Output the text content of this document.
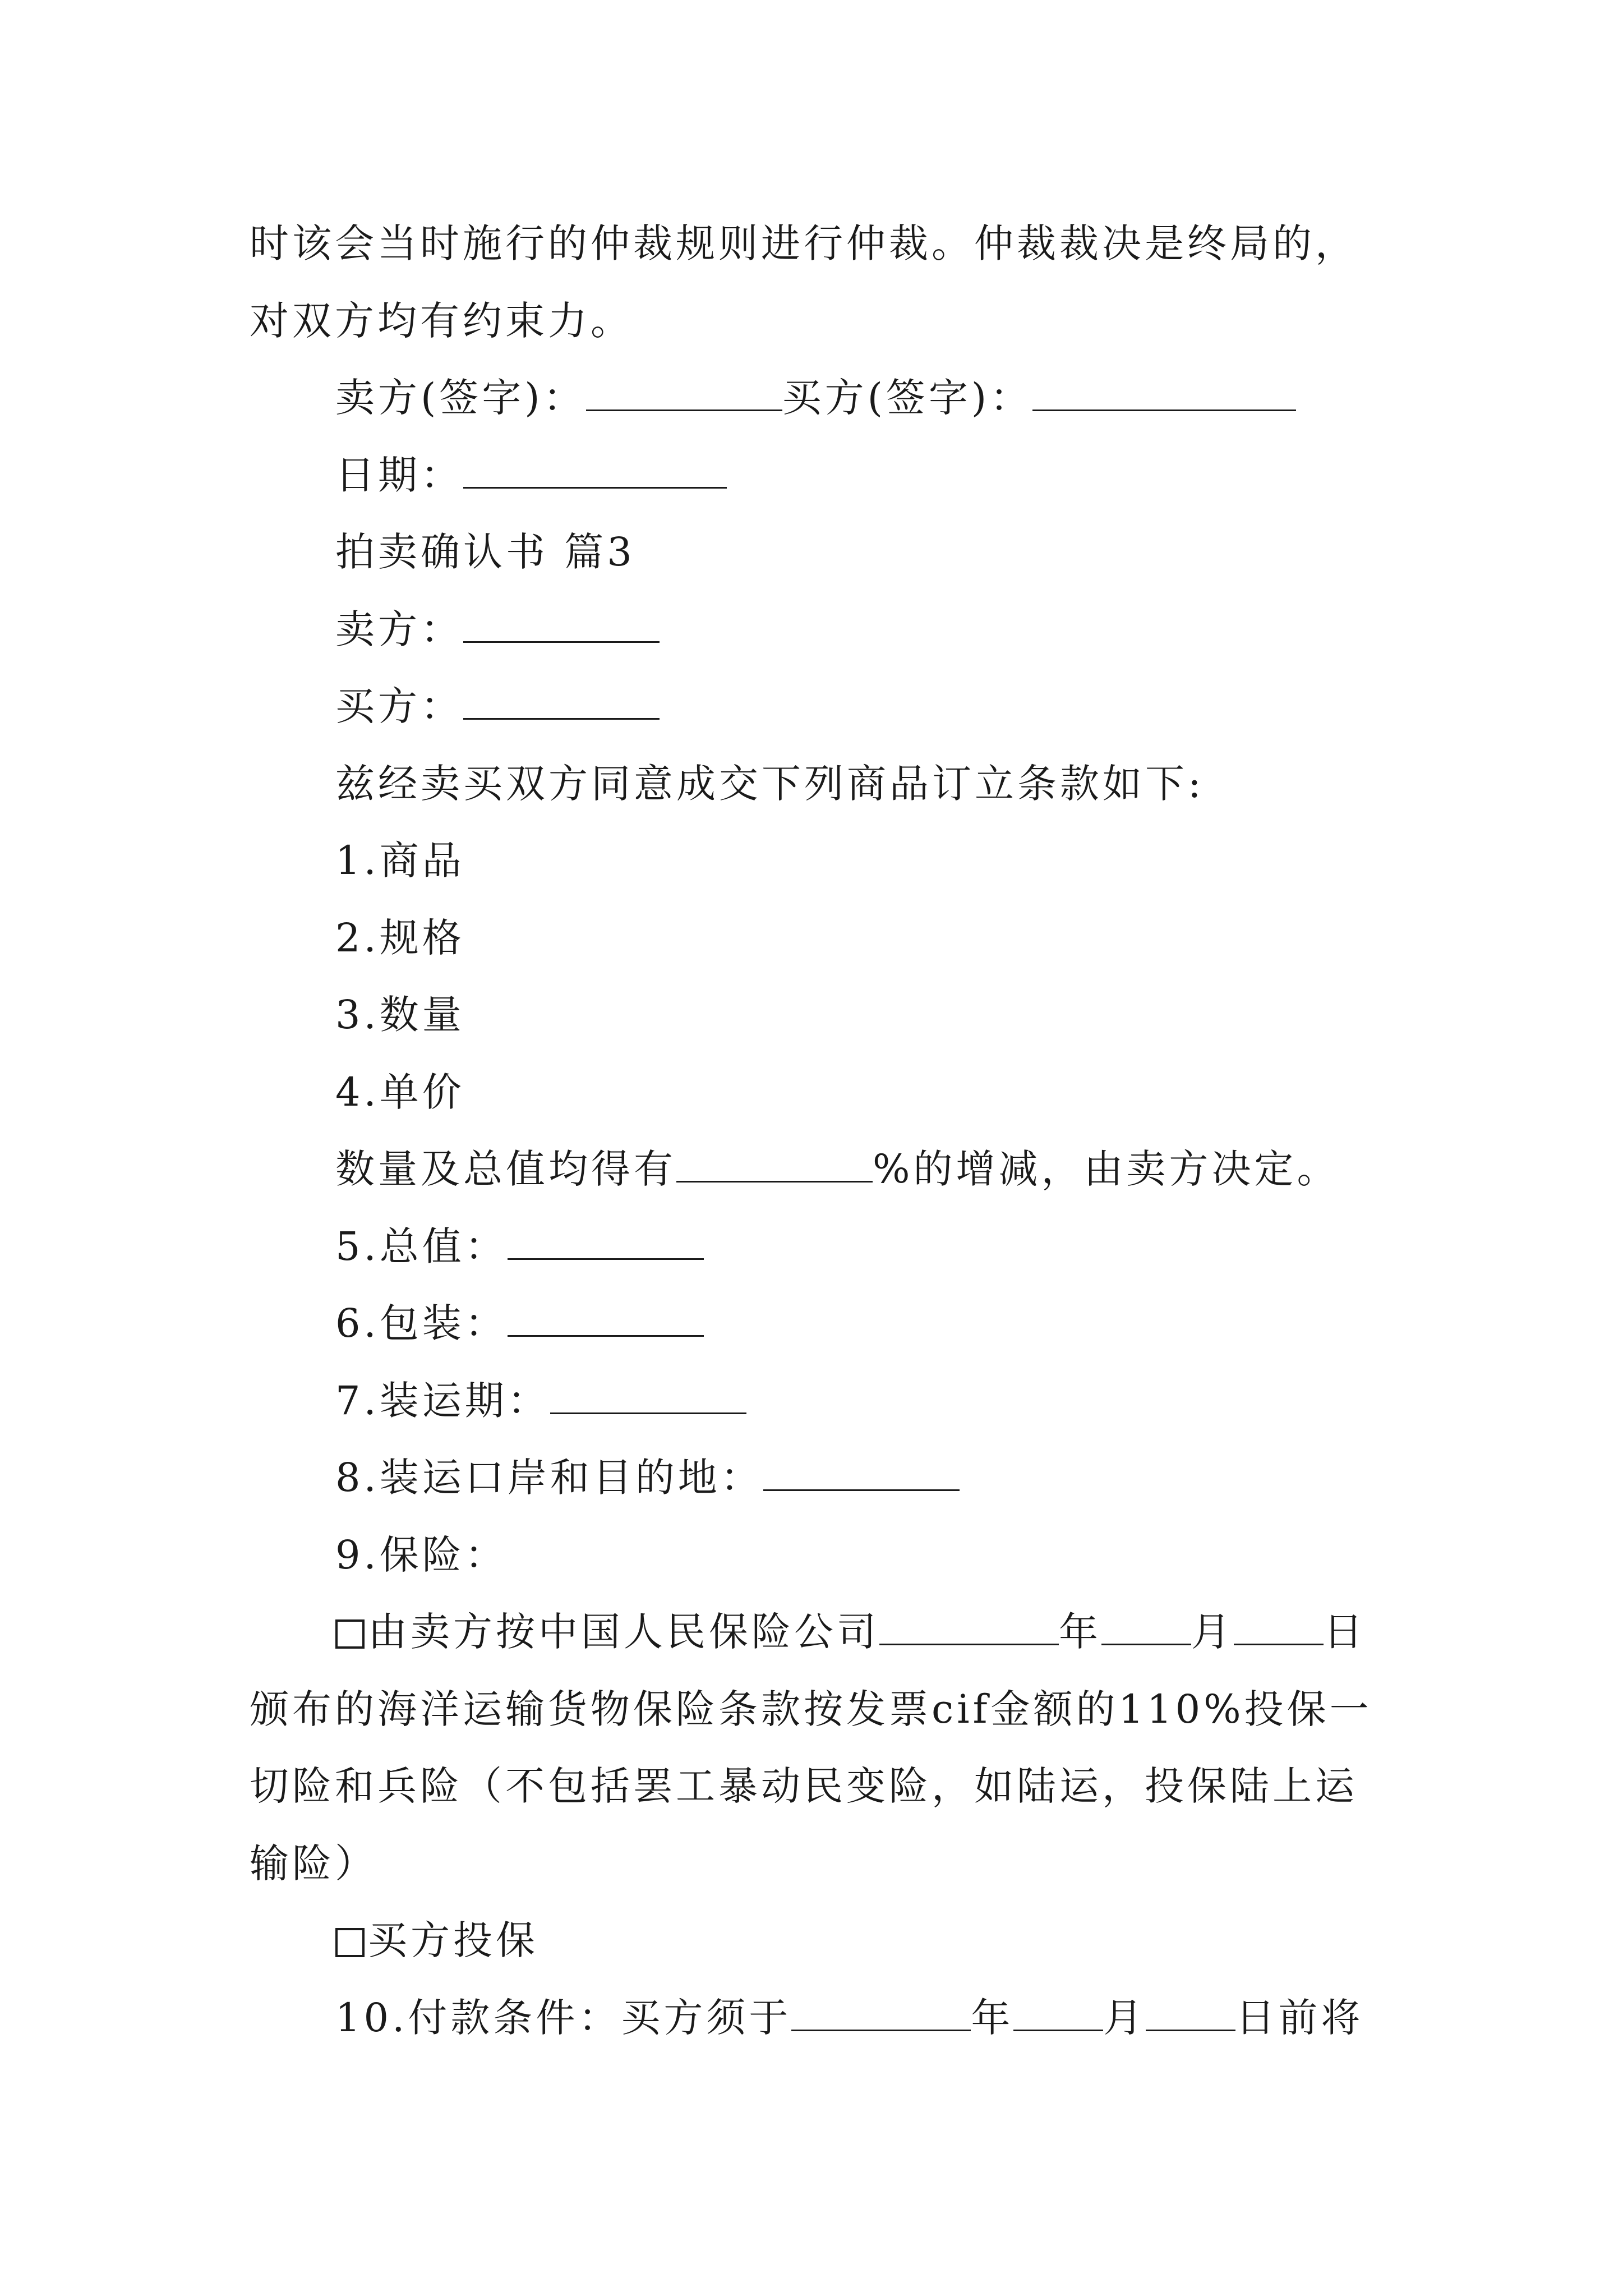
时该会当时施行的仲裁规则进行仲裁。仲裁裁决是终局的，
对双方均有约束力。
卖方(签字)：	买方(签字)：
日期：
拍卖确认书 篇3
卖方：
买方：
兹经卖买双方同意成交下列商品订立条款如下:
1.商品
2.规格
3.数量
4.单价
数量及总值均得有	%的增减，由卖方决定。
5.总值：
6.包装：
7.装运期：
8.装运口岸和目的地：
9.保险：
由卖方按中国人民保险公司	年 月 日
颁布的海洋运输货物保险条款按发票cif金额的110%投保一
切险和兵险（不包括罢工暴动民变险，如陆运，投保陆上运
输险）
买方投保
10.付款条件：买方须于	年 月 日前将
